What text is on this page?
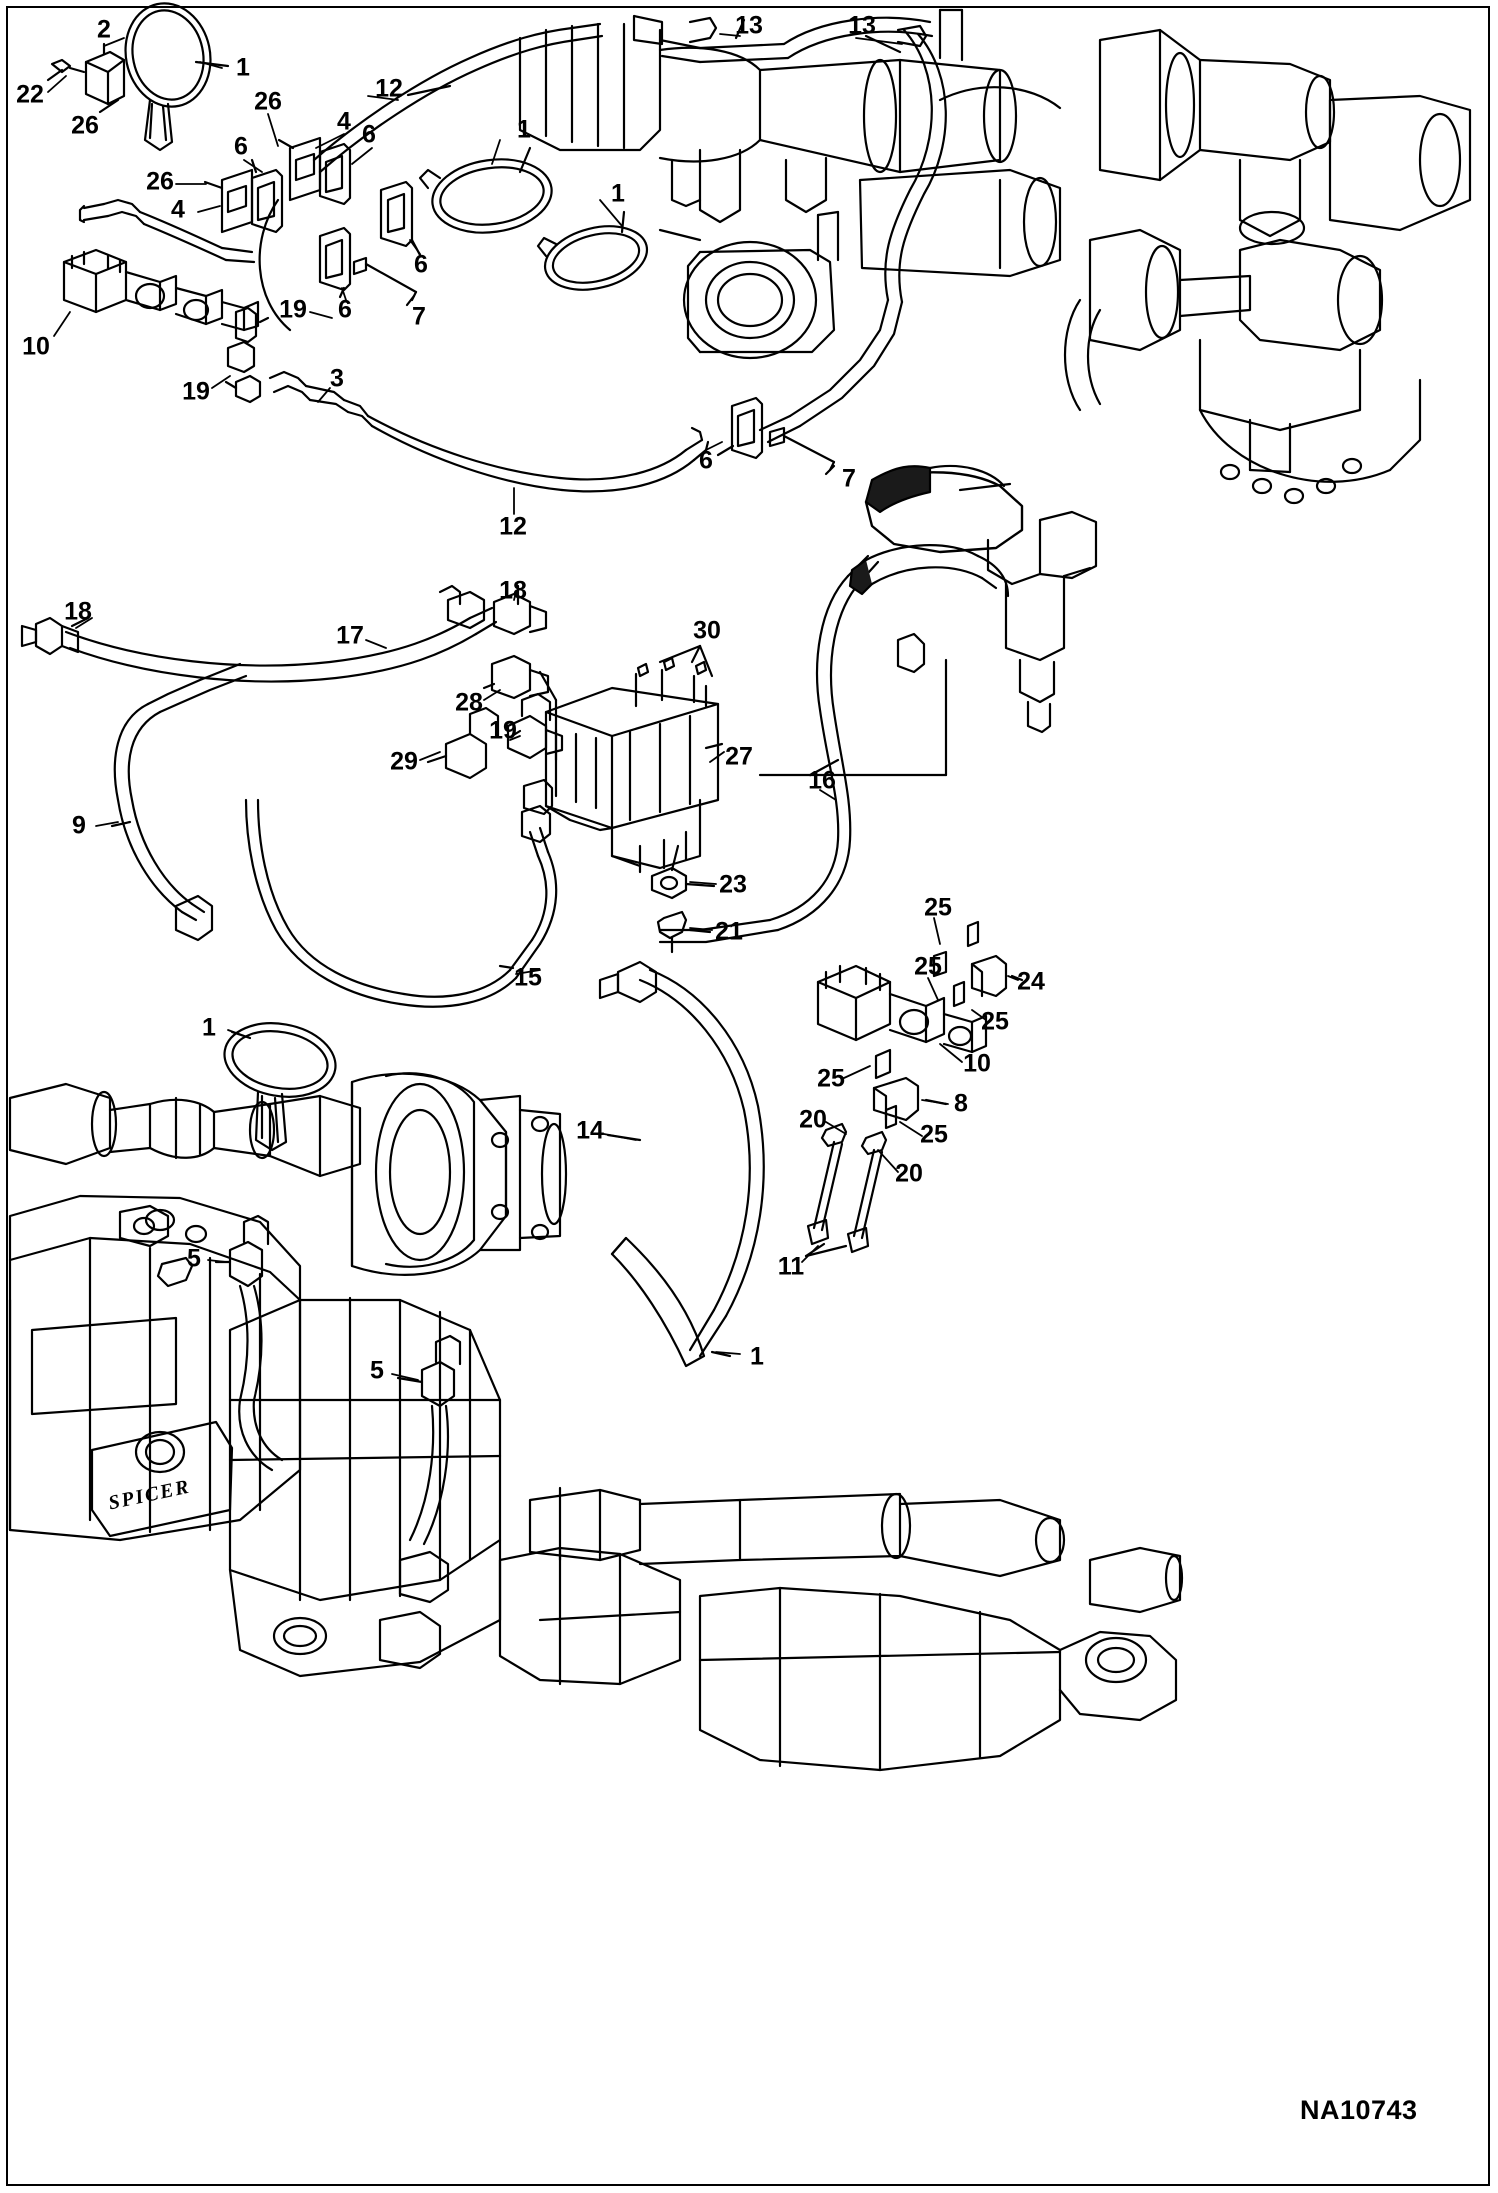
SPICER
2
1
22
26
13	13
12
26
4 6	1
6
1
26
4
6
6
19	7
10
19	3
6
7
12
18
18
17	30
28
19
27
29
16
9
23
25
21
25
24
15
25
1
10
25
8
20
25
14
20
11
5
1
5
NA10743
